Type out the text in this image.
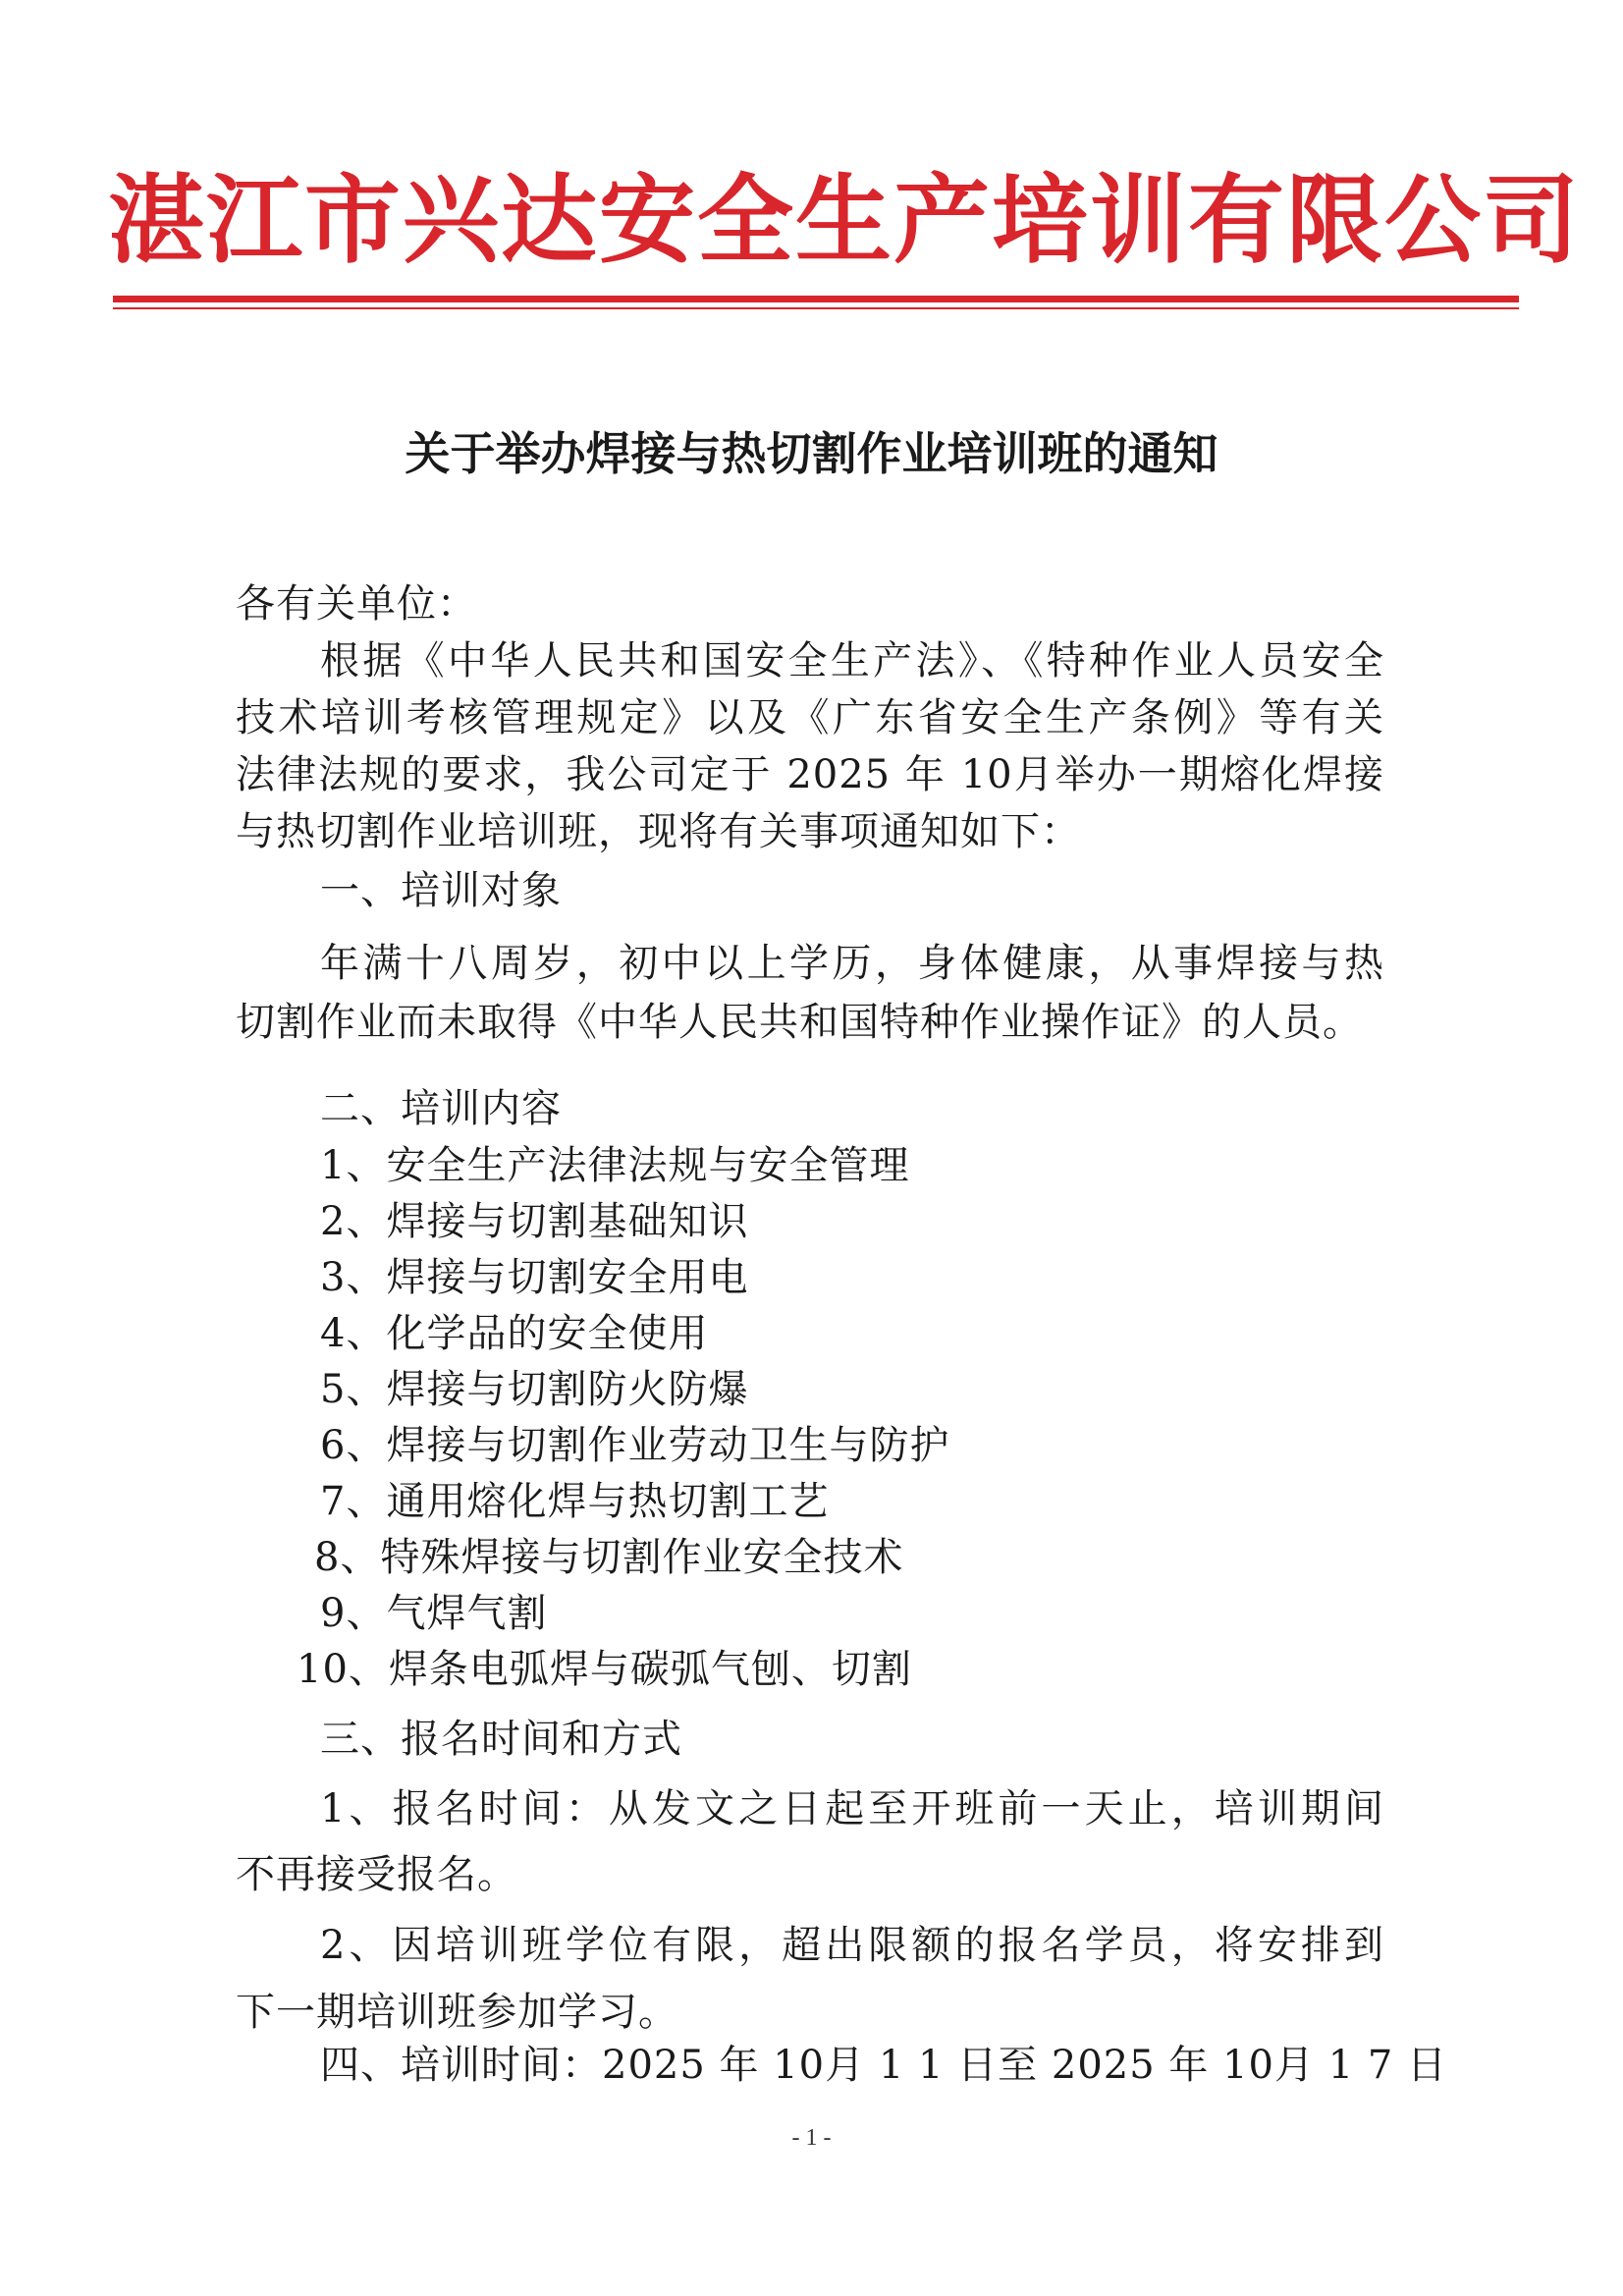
湛江市兴达安全生产培训有限公司
关于举办焊接与热切割作业培训班的通知
各有关单位：
根据《中华人民共和国安全生产法》、《特种作业人员安全
技术培训考核管理规定》以及《广东省安全生产条例》等有关
法律法规的要求，我公司定于 2025 年 10月举办一期熔化焊接
与热切割作业培训班，现将有关事项通知如下：
一、培训对象
年满十八周岁，初中以上学历，身体健康，从事焊接与热
切割作业而未取得《中华人民共和国特种作业操作证》的人员。
二、培训内容
1、安全生产法律法规与安全管理
2、焊接与切割基础知识
3、焊接与切割安全用电
4、化学品的安全使用
5、焊接与切割防火防爆
6、焊接与切割作业劳动卫生与防护
7、通用熔化焊与热切割工艺
8、特殊焊接与切割作业安全技术
9、气焊气割
10、焊条电弧焊与碳弧气刨、切割
三、报名时间和方式
1、报名时间：从发文之日起至开班前一天止，培训期间
不再接受报名。
2、因培训班学位有限，超出限额的报名学员，将安排到
下一期培训班参加学习。
四、培训时间：2025 年 10月 1 1 日至 2025 年 10月 1 7 日
- 1 -
